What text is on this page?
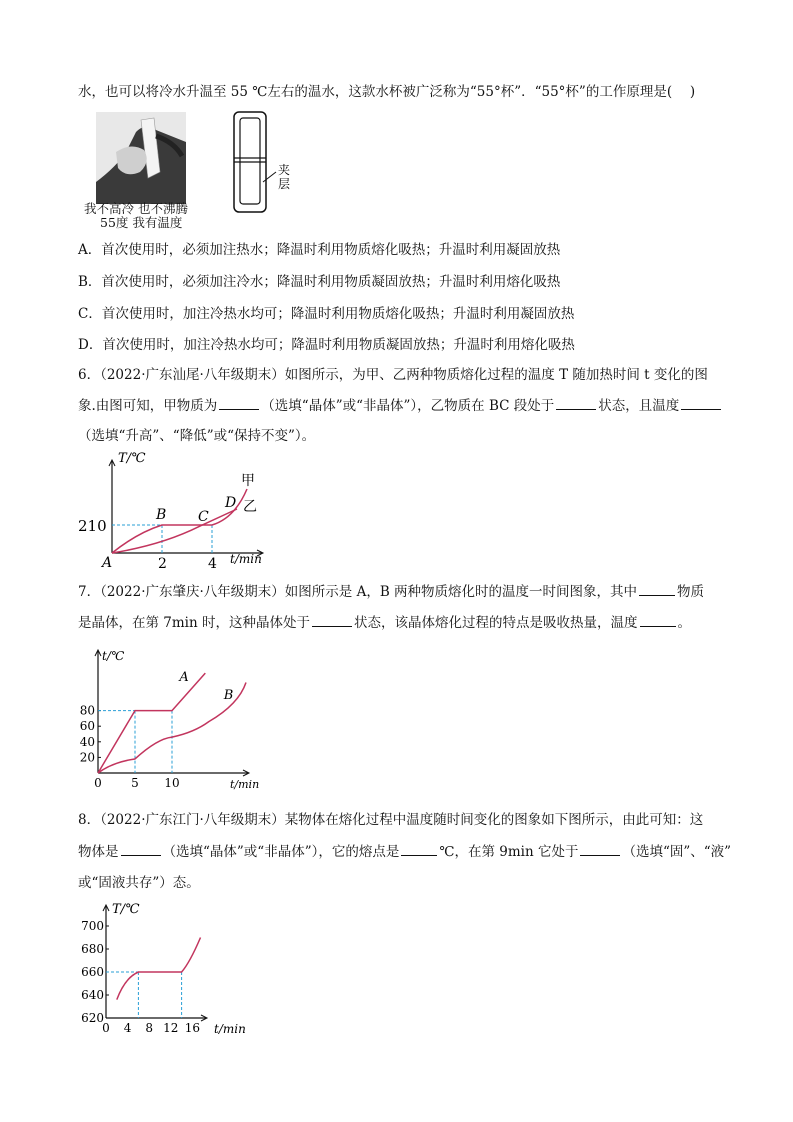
水，也可以将冷水升温至 55 ℃左右的温水，这款水杯被广泛称为“55°杯”．“55°杯”的工作原理是(　 )
我不高冷 也不沸腾
55度 我有温度
夹
层
A．首次使用时，必须加注热水；降温时利用物质熔化吸热；升温时利用凝固放热
B．首次使用时，必须加注冷水；降温时利用物质凝固放热；升温时利用熔化吸热
C．首次使用时，加注冷热水均可；降温时利用物质熔化吸热；升温时利用凝固放热
D．首次使用时，加注冷热水均可；降温时利用物质凝固放热；升温时利用熔化吸热
6．（2022·广东汕尾·八年级期末）如图所示，为甲、乙两种物质熔化过程的温度 T 随加热时间 t 变化的图
象.由图可知，甲物质为	（选填“晶体”或“非晶体”），乙物质在 BC 段处于	状态，且温度
（选填“升高”、“降低”或“保持不变”）。
T/℃
t/min
210
2	4
甲
乙
A
B C
D
7．（2022·广东肇庆·八年级期末）如图所示是 A，B 两种物质熔化时的温度一时间图象，其中	物质
是晶体，在第 7min 时，这种晶体处于	状态，该晶体熔化过程的特点是吸收热量，温度	。
t/℃
t/min
20
40
60
80
0 5 10
A
B
8．（2022·广东江门·八年级期末）某物体在熔化过程中温度随时间变化的图象如下图所示，由此可知：这
物体是	（选填“晶体”或“非晶体”），它的熔点是	℃，在第 9min 它处于	（选填“固”、“液”
或“固液共存”）态。
T/℃
t/min
620
640
660
680
700
0 4 8 12 16
